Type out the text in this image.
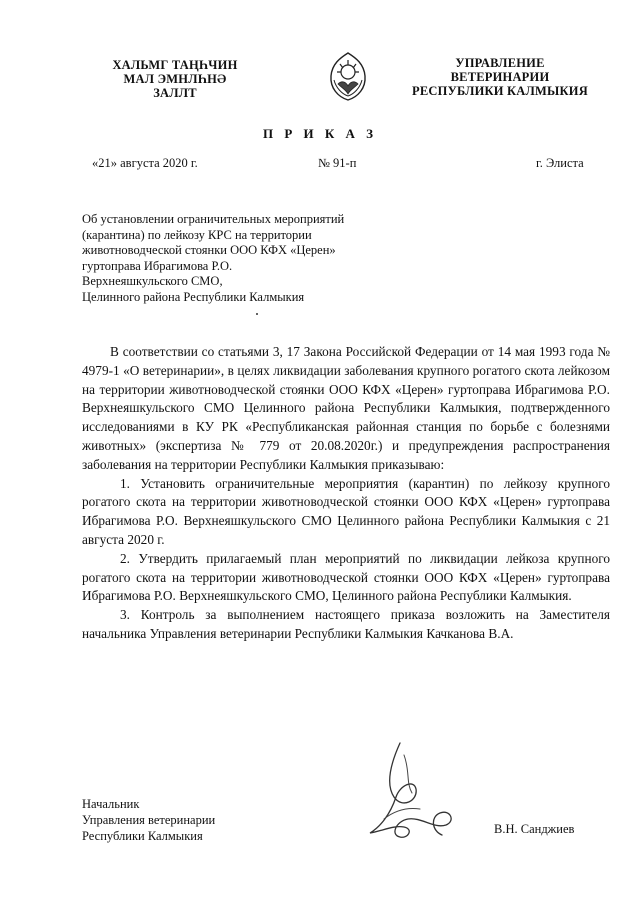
ХАЛЬМГ ТАҢҺЧИН
МАЛ ЭМНЛҺНӘ
ЗАЛЛТ
УПРАВЛЕНИЕ
ВЕТЕРИНАРИИ
РЕСПУБЛИКИ КАЛМЫКИЯ
П Р И К А З
«21» августа 2020 г.	№ 91-п	г. Элиста
Об установлении ограничительных мероприятий
(карантина) по лейкозу КРС на территории
животноводческой стоянки ООО КФХ «Церен»
гуртоправа Ибрагимова Р.О.
Верхнеяшкульского СМО,
Целинного района Республики Калмыкия

В соответствии со статьями 3, 17 Закона Российской Федерации от 14 мая 1993 года № 4979-1 «О ветеринарии», в целях ликвидации заболевания крупного рогатого скота лейкозом на территории животноводческой стоянки ООО КФХ «Церен» гуртоправа Ибрагимова Р.О. Верхнеяшкульского СМО Целинного района Республики Калмыкия, подтвержденного исследованиями в КУ РК «Республиканская районная станция по борьбе с болезнями животных» (экспертиза № 779 от 20.08.2020г.) и предупреждения распространения заболевания на территории Республики Калмыкия приказываю:

1. Установить ограничительные мероприятия (карантин) по лейкозу крупного рогатого скота на территории животноводческой стоянки ООО КФХ «Церен» гуртоправа Ибрагимова Р.О. Верхнеяшкульского СМО Целинного района Республики Калмыкия с 21 августа 2020 г.

2. Утвердить прилагаемый план мероприятий по ликвидации лейкоза крупного рогатого скота на территории животноводческой стоянки ООО КФХ «Церен» гуртоправа Ибрагимова Р.О. Верхнеяшкульского СМО, Целинного района Республики Калмыкия.

3. Контроль за выполнением настоящего приказа возложить на Заместителя начальника Управления ветеринарии Республики Калмыкия Качканова В.А.

Начальник
Управления ветеринарии
Республики Калмыкия	В.Н. Санджиев
